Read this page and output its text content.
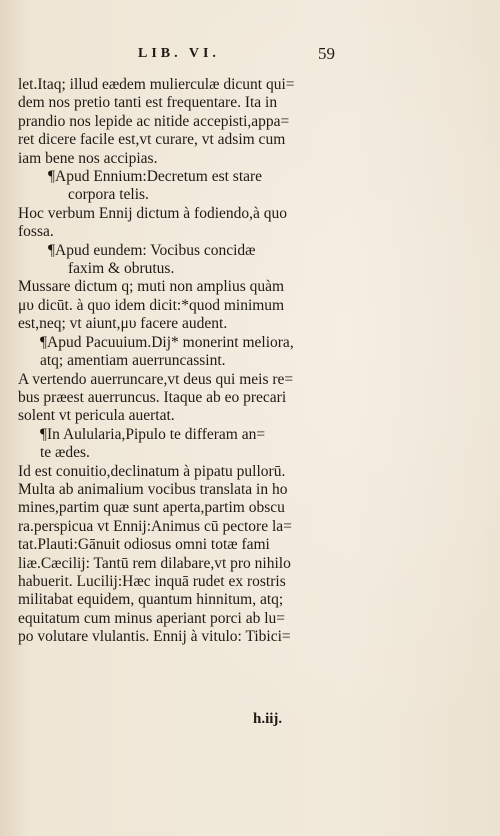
LIB. VI.	59
let.Itaq; illud eædem mulierculæ dicunt qui=
dem nos pretio tanti est frequentare. Ita in
prandio nos lepide ac nitide accepisti,appa=
ret dicere facile est,vt curare, vt adsim cum
iam bene nos accipias.
¶Apud Ennium:Decretum est stare
corpora telis.
Hoc verbum Ennij dictum à fodiendo,à quo
fossa.
¶Apud eundem: Vocibus concidæ
faxim & obrutus.
Mussare dictum q; muti non amplius quàm
μυ dicūt. à quo idem dicit:*quod minimum
est,neq; vt aiunt,μυ facere audent.
¶Apud Pacuuium.Dij* monerint meliora,
atq; amentiam auerruncassint.
A vertendo auerruncare,vt deus qui meis re=
bus præest auerruncus. Itaque ab eo precari
solent vt pericula auertat.
¶In Aulularia,Pipulo te differam an=
te ædes.
Id est conuitio,declinatum à pipatu pullorū.
Multa ab animalium vocibus translata in ho
mines,partim quæ sunt aperta,partim obscu
ra.perspicua vt Ennij:Animus cū pectore la=
tat.Plauti:Gānuit odiosus omni totæ fami
liæ.Cæcilij: Tantū rem dilabare,vt pro nihilo
habuerit. Lucilij:Hæc inquā rudet ex rostris
militabat equidem, quantum hinnitum, atq;
equitatum cum minus aperiant porci ab lu=
po volutare vlulantis. Ennij à vitulo: Tibici=
h.iij.
